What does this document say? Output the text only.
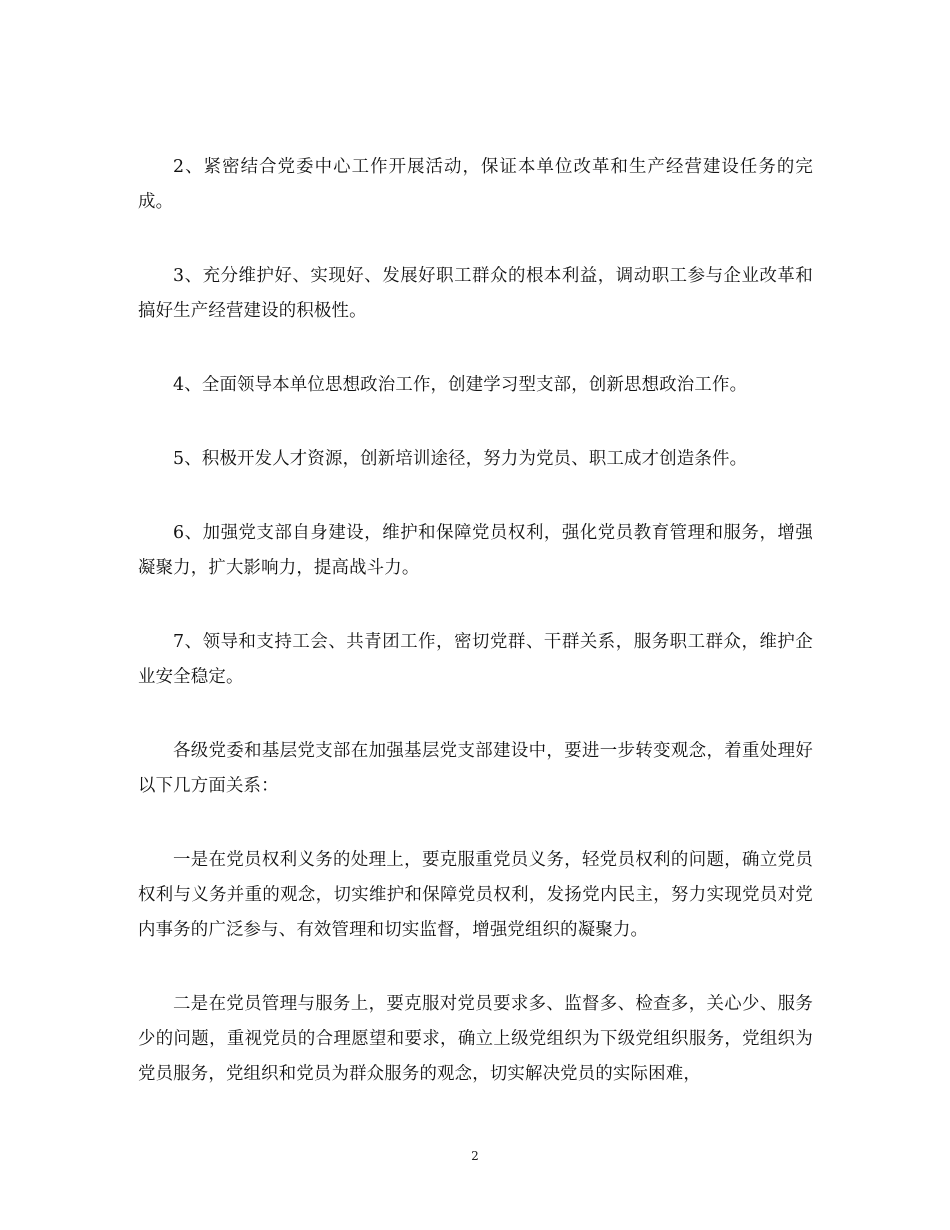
2、紧密结合党委中心工作开展活动，保证本单位改革和生产经营建设任务的完成。

3、充分维护好、实现好、发展好职工群众的根本利益，调动职工参与企业改革和搞好生产经营建设的积极性。

4、全面领导本单位思想政治工作，创建学习型支部，创新思想政治工作。

5、积极开发人才资源，创新培训途径，努力为党员、职工成才创造条件。

6、加强党支部自身建设，维护和保障党员权利，强化党员教育管理和服务，增强凝聚力，扩大影响力，提高战斗力。

7、领导和支持工会、共青团工作，密切党群、干群关系，服务职工群众，维护企业安全稳定。

各级党委和基层党支部在加强基层党支部建设中，要进一步转变观念，着重处理好以下几方面关系：

一是在党员权利义务的处理上，要克服重党员义务，轻党员权利的问题，确立党员权利与义务并重的观念，切实维护和保障党员权利，发扬党内民主，努力实现党员对党内事务的广泛参与、有效管理和切实监督，增强党组织的凝聚力。

二是在党员管理与服务上，要克服对党员要求多、监督多、检查多，关心少、服务少的问题，重视党员的合理愿望和要求，确立上级党组织为下级党组织服务，党组织为党员服务，党组织和党员为群众服务的观念，切实解决党员的实际困难，

2
